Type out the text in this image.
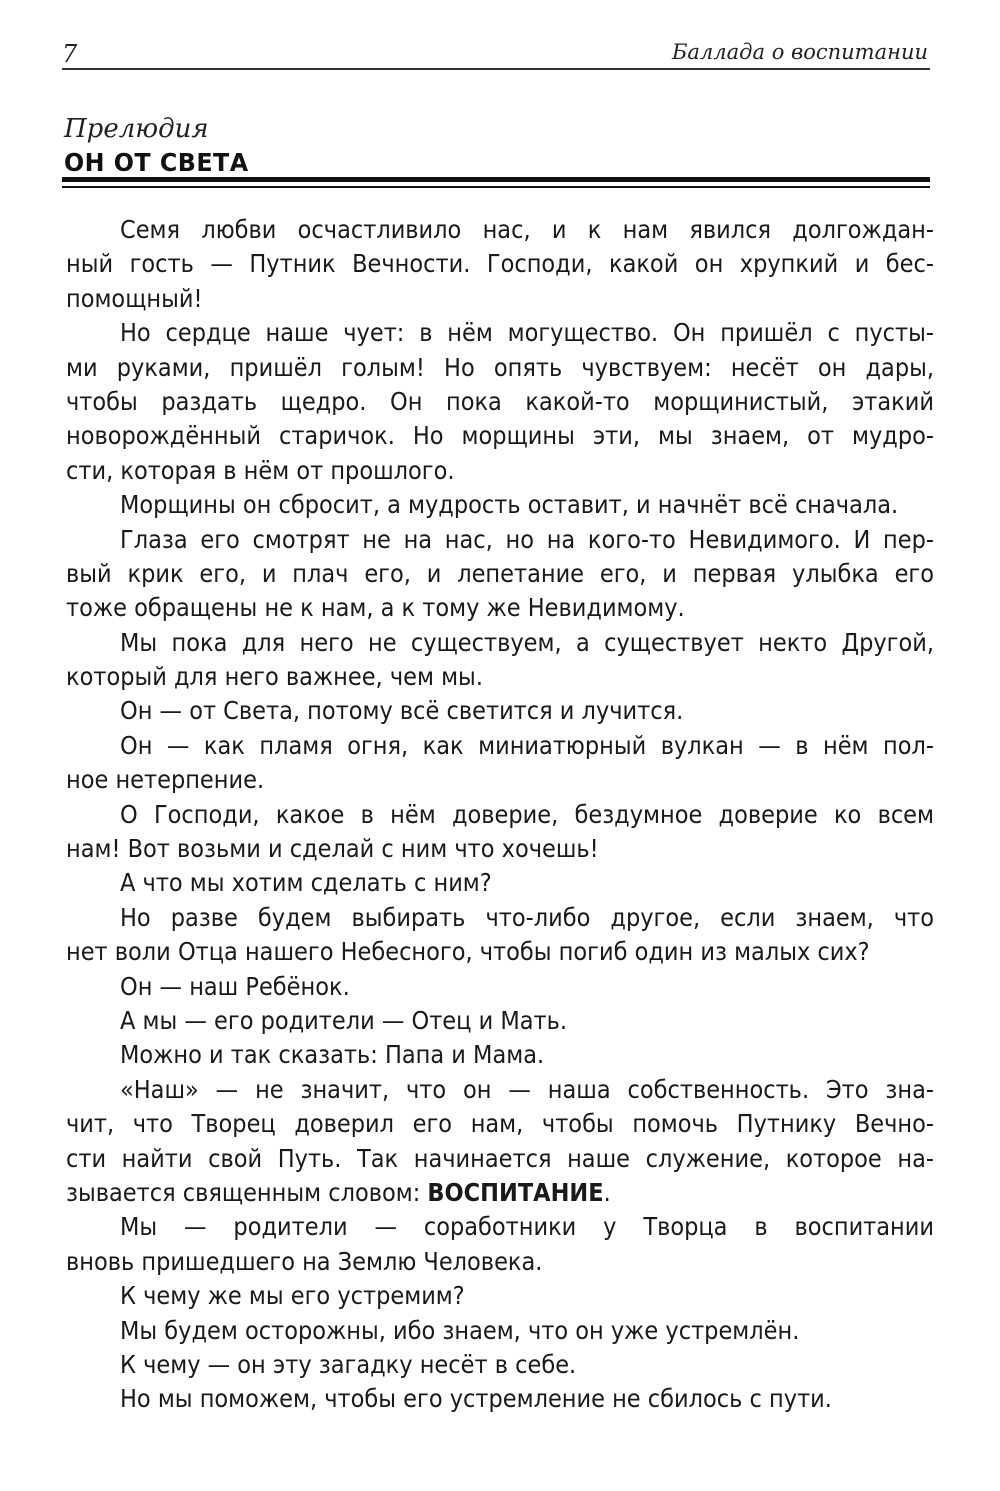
7	Баллада о воспитании
Прелюдия
ОН ОТ СВЕТА
Семя любви осчастливило нас, и к нам явился долгождан-
ный гость — Путник Вечности. Господи, какой он хрупкий и бес-
помощный!
Но сердце наше чует: в нём могущество. Он пришёл с пусты-
ми руками, пришёл голым! Но опять чувствуем: несёт он дары,
чтобы раздать щедро. Он пока какой-то морщинистый, этакий
новорождённый старичок. Но морщины эти, мы знаем, от мудро-
сти, которая в нём от прошлого.
Морщины он сбросит, а мудрость оставит, и начнёт всё сначала.
Глаза его смотрят не на нас, но на кого-то Невидимого. И пер-
вый крик его, и плач его, и лепетание его, и первая улыбка его
тоже обращены не к нам, а к тому же Невидимому.
Мы пока для него не существуем, а существует некто Другой,
который для него важнее, чем мы.
Он — от Света, потому всё светится и лучится.
Он — как пламя огня, как миниатюрный вулкан — в нём пол-
ное нетерпение.
О Господи, какое в нём доверие, бездумное доверие ко всем
нам! Вот возьми и сделай с ним что хочешь!
А что мы хотим сделать с ним?
Но разве будем выбирать что-либо другое, если знаем, что
нет воли Отца нашего Небесного, чтобы погиб один из малых сих?
Он — наш Ребёнок.
А мы — его родители — Отец и Мать.
Можно и так сказать: Папа и Мама.
«Наш» — не значит, что он — наша собственность. Это зна-
чит, что Творец доверил его нам, чтобы помочь Путнику Вечно-
сти найти свой Путь. Так начинается наше служение, которое на-
зывается священным словом: ВОСПИТАНИЕ.
Мы — родители — соработники у Творца в воспитании
вновь пришедшего на Землю Человека.
К чему же мы его устремим?
Мы будем осторожны, ибо знаем, что он уже устремлён.
К чему — он эту загадку несёт в себе.
Но мы поможем, чтобы его устремление не сбилось с пути.
